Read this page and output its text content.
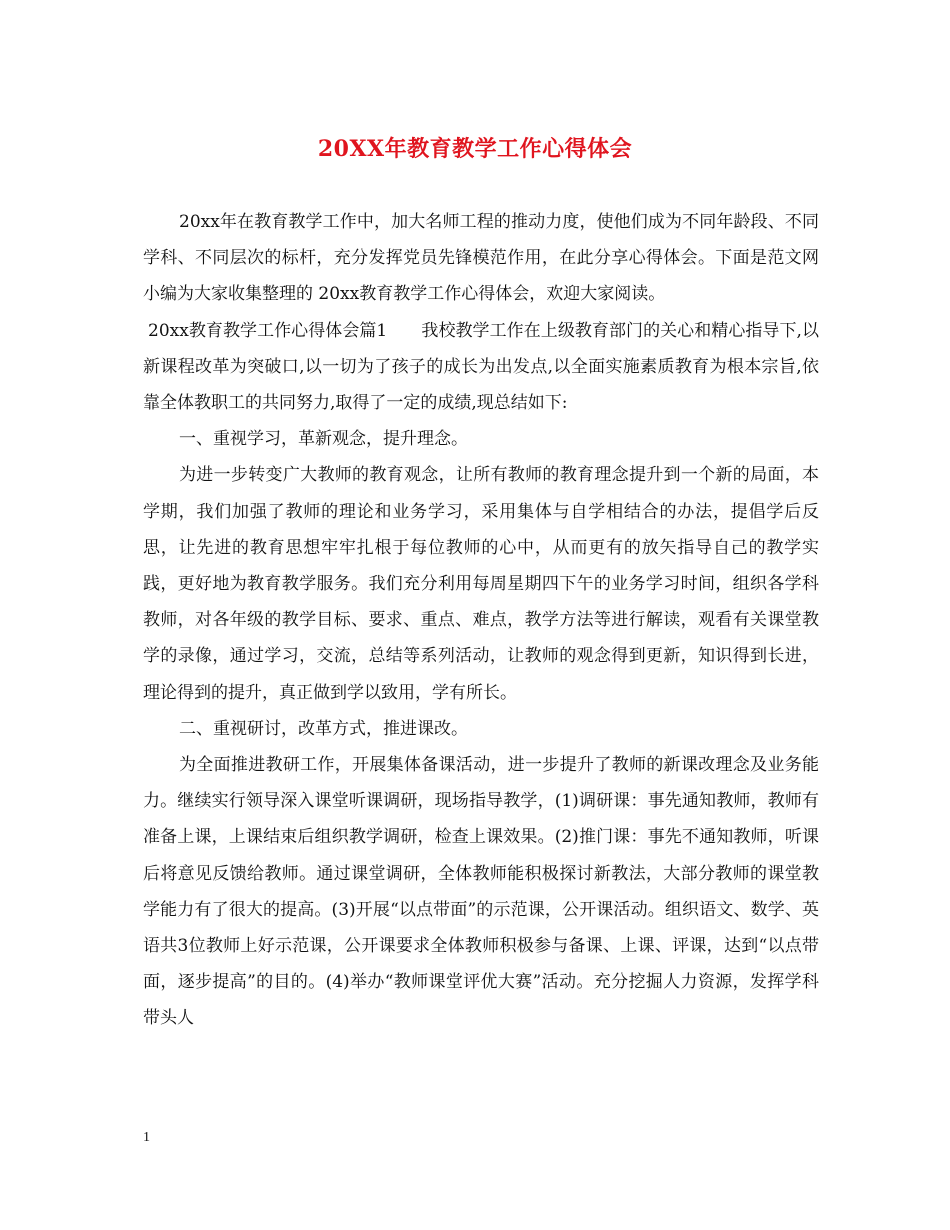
20XX年教育教学工作心得体会

20xx年在教育教学工作中，加大名师工程的推动力度，使他们成为不同年龄段、不同学科、不同层次的标杆，充分发挥党员先锋模范作用，在此分享心得体会。下面是范文网小编为大家收集整理的 20xx教育教学工作心得体会，欢迎大家阅读。

20xx教育教学工作心得体会篇1　　我校教学工作在上级教育部门的关心和精心指导下,以新课程改革为突破口,以一切为了孩子的成长为出发点,以全面实施素质教育为根本宗旨,依靠全体教职工的共同努力,取得了一定的成绩,现总结如下:

一、重视学习，革新观念，提升理念。

为进一步转变广大教师的教育观念，让所有教师的教育理念提升到一个新的局面，本学期，我们加强了教师的理论和业务学习，采用集体与自学相结合的办法，提倡学后反思，让先进的教育思想牢牢扎根于每位教师的心中，从而更有的放矢指导自己的教学实践，更好地为教育教学服务。我们充分利用每周星期四下午的业务学习时间，组织各学科教师，对各年级的教学目标、要求、重点、难点，教学方法等进行解读，观看有关课堂教学的录像，通过学习，交流，总结等系列活动，让教师的观念得到更新，知识得到长进，理论得到的提升，真正做到学以致用，学有所长。

二、重视研讨，改革方式，推进课改。

为全面推进教研工作，开展集体备课活动，进一步提升了教师的新课改理念及业务能力。继续实行领导深入课堂听课调研，现场指导教学，(1)调研课：事先通知教师，教师有准备上课，上课结束后组织教学调研，检查上课效果。(2)推门课：事先不通知教师，听课后将意见反馈给教师。通过课堂调研，全体教师能积极探讨新教法，大部分教师的课堂教学能力有了很大的提高。(3)开展“以点带面”的示范课，公开课活动。组织语文、数学、英语共3位教师上好示范课，公开课要求全体教师积极参与备课、上课、评课，达到“以点带面，逐步提高”的目的。(4)举办“教师课堂评优大赛”活动。充分挖掘人力资源，发挥学科带头人

1
